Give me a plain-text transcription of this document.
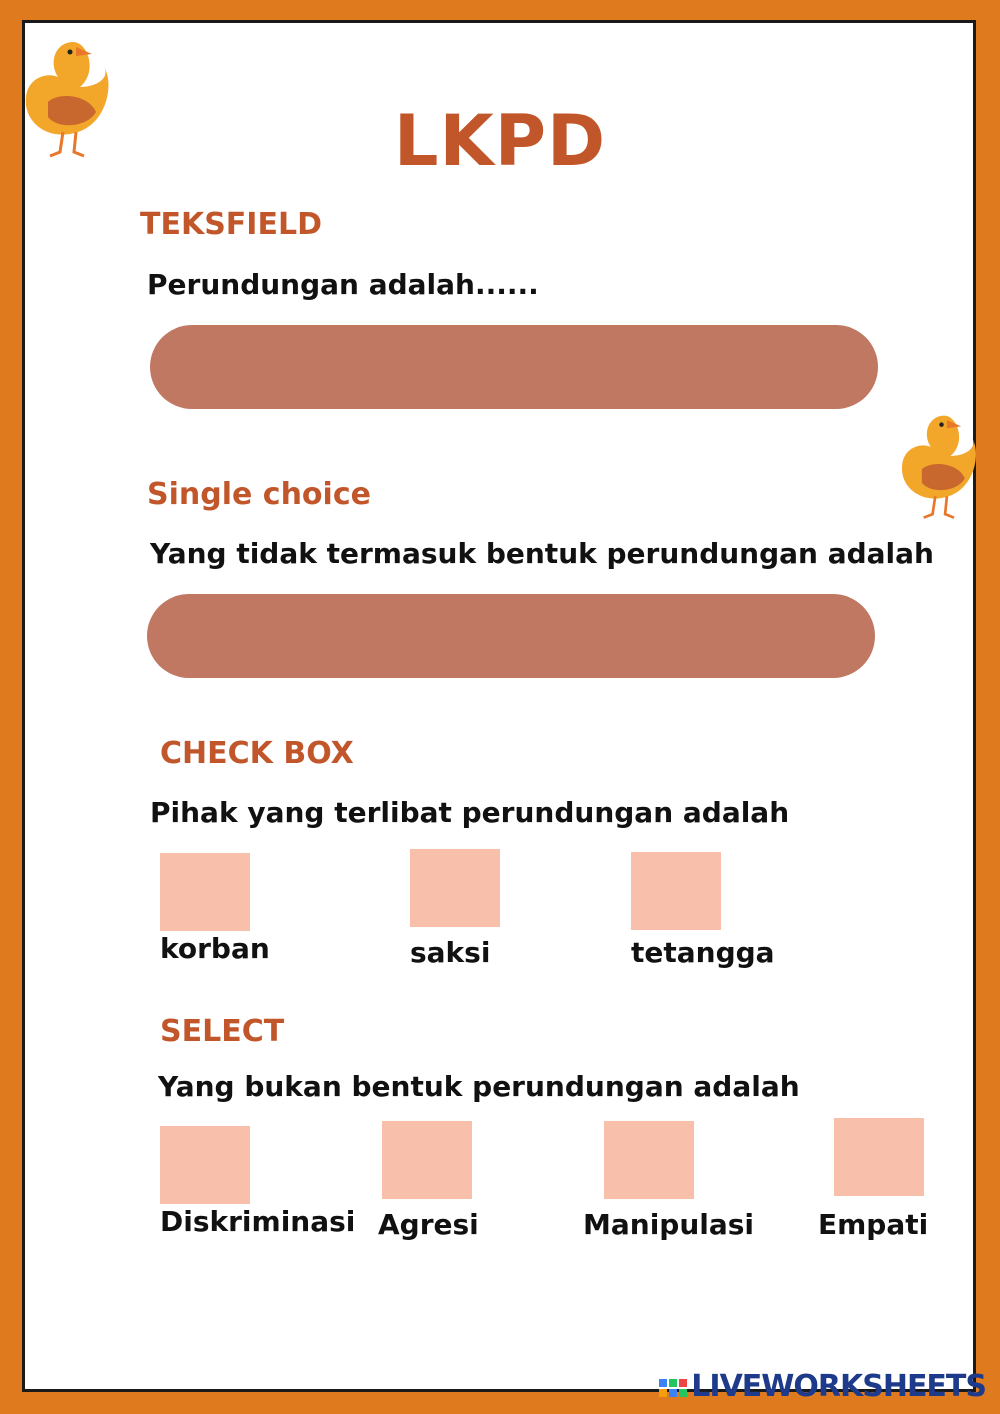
LKPD
TEKSFIELD
Perundungan adalah......
Single choice
Yang tidak termasuk bentuk perundungan adalah
CHECK BOX
Pihak yang terlibat perundungan adalah
korban	saksi	tetangga
SELECT
Yang bukan bentuk perundungan adalah
Diskriminasi Agresi	Manipulasi Empati
LIVEWORKSHEETS
